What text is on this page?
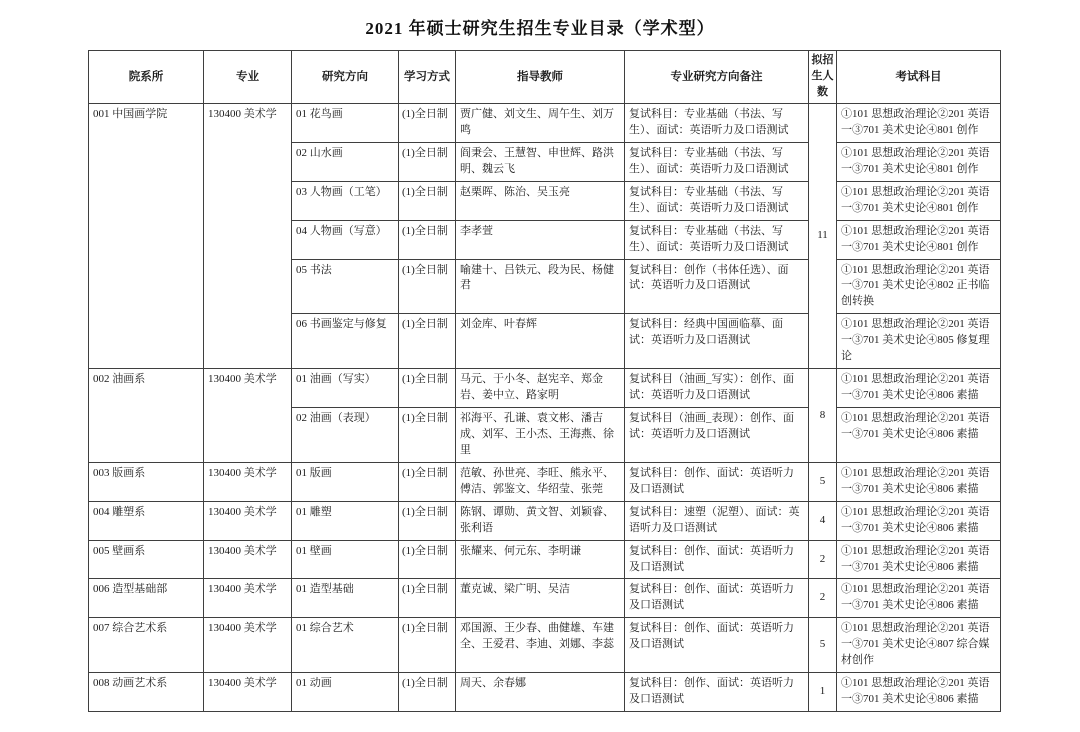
2021 年硕士研究生招生专业目录（学术型）
院系所	专业	研究方向	学习方式	指导教师	专业研究方向备注	拟招生人数	考试科目
001 中国画学院	130400 美术学	01 花鸟画	(1)全日制	贾广健、刘文生、周午生、刘万鸣	复试科目：专业基础（书法、写生）、面试：英语听力及口语测试	11	①101 思想政治理论②201 英语一③701 美术史论④801 创作
		02 山水画	(1)全日制	阎秉会、王慧智、申世辉、路洪明、魏云飞	复试科目：专业基础（书法、写生）、面试：英语听力及口语测试		①101 思想政治理论②201 英语一③701 美术史论④801 创作
		03 人物画（工笔）	(1)全日制	赵栗晖、陈治、吴玉亮	复试科目：专业基础（书法、写生）、面试：英语听力及口语测试		①101 思想政治理论②201 英语一③701 美术史论④801 创作
		04 人物画（写意）	(1)全日制	李孝萱	复试科目：专业基础（书法、写生）、面试：英语听力及口语测试		①101 思想政治理论②201 英语一③701 美术史论④801 创作
		05 书法	(1)全日制	喻建十、吕铁元、段为民、杨健君	复试科目：创作（书体任选）、面试：英语听力及口语测试		①101 思想政治理论②201 英语一③701 美术史论④802 正书临创转换
		06 书画鉴定与修复	(1)全日制	刘金库、叶春辉	复试科目：经典中国画临摹、面试：英语听力及口语测试		①101 思想政治理论②201 英语一③701 美术史论④805 修复理论
002 油画系	130400 美术学	01 油画（写实）	(1)全日制	马元、于小冬、赵宪辛、郑金岩、姜中立、路家明	复试科目（油画_写实）：创作、面试：英语听力及口语测试	8	①101 思想政治理论②201 英语一③701 美术史论④806 素描
		02 油画（表现）	(1)全日制	祁海平、孔谦、袁文彬、潘吉成、刘军、王小杰、王海燕、徐里	复试科目（油画_表现）：创作、面试：英语听力及口语测试		①101 思想政治理论②201 英语一③701 美术史论④806 素描
003 版画系	130400 美术学	01 版画	(1)全日制	范敏、孙世亮、李旺、熊永平、傅洁、郭鉴文、华绍莹、张莞	复试科目：创作、面试：英语听力及口语测试	5	①101 思想政治理论②201 英语一③701 美术史论④806 素描
004 雕塑系	130400 美术学	01 雕塑	(1)全日制	陈钢、谭勋、黄文智、刘颖睿、张利语	复试科目：速塑（泥塑）、面试：英语听力及口语测试	4	①101 思想政治理论②201 英语一③701 美术史论④806 素描
005 壁画系	130400 美术学	01 壁画	(1)全日制	张耀来、何元东、李明谦	复试科目：创作、面试：英语听力及口语测试	2	①101 思想政治理论②201 英语一③701 美术史论④806 素描
006 造型基础部	130400 美术学	01 造型基础	(1)全日制	董克诚、梁广明、吴洁	复试科目：创作、面试：英语听力及口语测试	2	①101 思想政治理论②201 英语一③701 美术史论④806 素描
007 综合艺术系	130400 美术学	01 综合艺术	(1)全日制	邓国源、王少春、曲健雄、车建全、王爱君、李迪、刘娜、李蕊	复试科目：创作、面试：英语听力及口语测试	5	①101 思想政治理论②201 英语一③701 美术史论④807 综合媒材创作
008 动画艺术系	130400 美术学	01 动画	(1)全日制	周天、余春娜	复试科目：创作、面试：英语听力及口语测试	1	①101 思想政治理论②201 英语一③701 美术史论④806 素描
